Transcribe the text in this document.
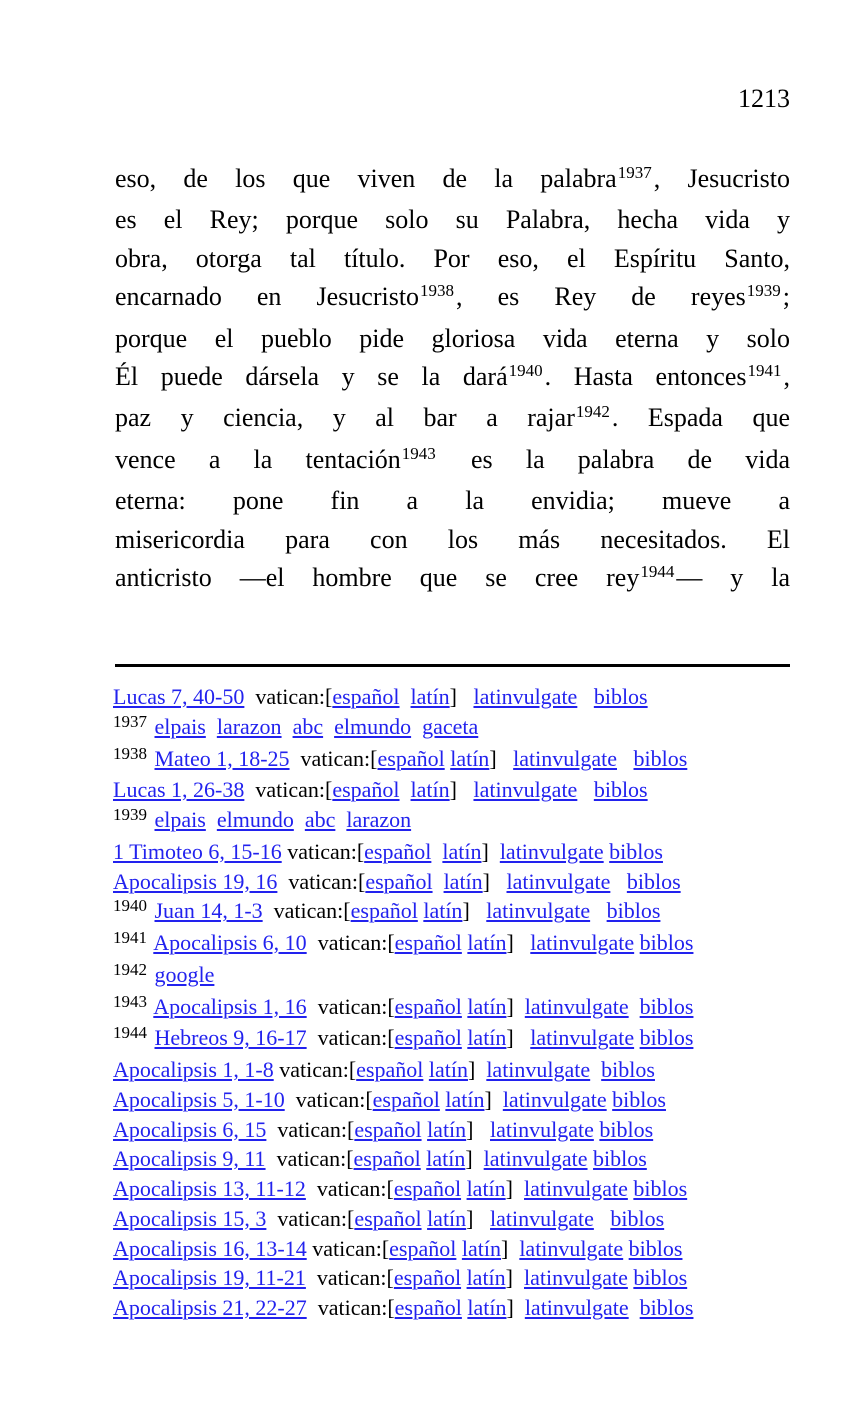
1213
eso, de los que viven de la palabra$^{1937}$, Jesucristo
es el Rey; porque solo su Palabra, hecha vida y
obra, otorga tal título. Por eso, el Espíritu Santo,
encarnado en Jesucristo$^{1938}$, es Rey de reyes$^{1939}$;
porque el pueblo pide gloriosa vida eterna y solo
Él puede dársela y se la dará$^{1940}$. Hasta entonces$^{1941}$,
paz y ciencia, y al bar a rajar$^{1942}$. Espada que
vence a la tentación$^{1943}$ es la palabra de vida
eterna: pone fin a la envidia; mueve a
misericordia para con los más necesitados. El
anticristo —el hombre que se cree rey$^{1944}$— y la
Lucas 7, 40-50  vatican:[español latín]   latinvulgate biblos
$^{1937}$ elpais larazon abc elmundo gaceta
$^{1938}$ Mateo 1, 18-25  vatican:[español latín]   latinvulgate biblos
Lucas 1, 26-38  vatican:[español latín]   latinvulgate biblos
$^{1939}$ elpais elmundo abc larazon
1 Timoteo 6, 15-16 vatican:[español latín]  latinvulgate biblos
Apocalipsis 19, 16  vatican:[español latín]   latinvulgate biblos
$^{1940}$ Juan 14, 1-3  vatican:[español latín]   latinvulgate biblos
$^{1941}$ Apocalipsis 6, 10  vatican:[español latín]   latinvulgate biblos
$^{1942}$ google
$^{1943}$ Apocalipsis 1, 16  vatican:[español latín]  latinvulgate biblos
$^{1944}$ Hebreos 9, 16-17  vatican:[español latín]   latinvulgate biblos
Apocalipsis 1, 1-8 vatican:[español latín]  latinvulgate biblos
Apocalipsis 5, 1-10  vatican:[español latín]  latinvulgate biblos
Apocalipsis 6, 15  vatican:[español latín]   latinvulgate biblos
Apocalipsis 9, 11  vatican:[español latín]  latinvulgate biblos
Apocalipsis 13, 11-12  vatican:[español latín]  latinvulgate biblos
Apocalipsis 15, 3  vatican:[español latín]   latinvulgate biblos
Apocalipsis 16, 13-14 vatican:[español latín]  latinvulgate biblos
Apocalipsis 19, 11-21  vatican:[español latín]  latinvulgate biblos
Apocalipsis 21, 22-27  vatican:[español latín]  latinvulgate biblos
